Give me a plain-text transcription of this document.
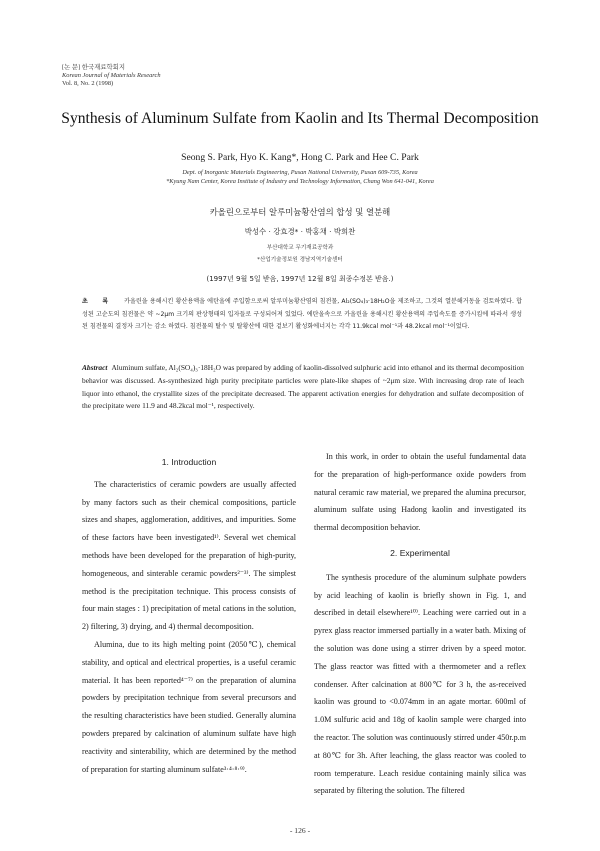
[논 문] 한국재료학회지
Korean Journal of Materials Research
Vol. 8, No. 2 (1998)
Synthesis of Aluminum Sulfate from Kaolin and Its Thermal Decomposition
Seong S. Park, Hyo K. Kang*, Hong C. Park and Hee C. Park
Dept. of Inorganic Materials Engineering, Pusan National University, Pusan 609-735, Korea
*Kyung Nam Center, Korea Institute of Industry and Technology Information, Chang Won 641-041, Korea
카올린으로부터 알루미늄황산염의 합성 및 열분해
박성수 · 강효경* · 박홍채 · 박희찬
부산대학교 무기재료공학과
*산업기술정보원 경남지역기술센터
(1997년 9월 5일 받음, 1997년 12월 8일 최종수정본 받음.)
초 록 카올린을 용해시킨 황산용액을 에탄올에 주입함으로써 알루미늄황산염의 침전물, Al₂(SO₄)₃·18H₂O을 제조하고, 그것의 열분해거동을 검토하였다. 합성된 고순도의 침전물은 약 ~2μm 크기의 판상형태의 입자들로 구성되어져 있었다. 에탄올속으로 카올린을 용해시킨 황산용액의 주입속도를 증가시킴에 따라서 생성된 침전물의 결정자 크기는 감소 하였다. 침전물의 탈수 및 탈황산에 대한 겉보기 활성화에너지는 각각 11.9kcal mol⁻¹과 48.2kcal mol⁻¹이었다.
Abstract Aluminum sulfate, Al₂(SO₄)₃·18H₂O was prepared by adding of kaolin-dissolved sulphuric acid into ethanol and its thermal decomposition behavior was discussed. As-synthesized high purity precipitate particles were plate-like shapes of ~2μm size. With increasing drop rate of leach liquor into ethanol, the crystallite sizes of the precipitate decreased. The apparent activation energies for dehydration and sulfate decomposition of the precipitate were 11.9 and 48.2kcal mol⁻¹, respectively.
1. Introduction

The characteristics of ceramic powders are usually affected by many factors such as their chemical compositions, particle sizes and shapes, agglomeration, additives, and impurities. Some of these factors have been investigated¹⁾. Several wet chemical methods have been developed for the preparation of high-purity, homogeneous, and sinterable ceramic powders²⁻³⁾. The simplest method is the precipitation technique. This process consists of four main stages : 1) precipitation of metal cations in the solution, 2) filtering, 3) drying, and 4) thermal decomposition.

Alumina, due to its high melting point (2050℃), chemical stability, and optical and electrical properties, is a useful ceramic material. It has been reported⁴⁻⁷⁾ on the preparation of alumina powders by precipitation technique from several precursors and the resulting characteristics have been studied. Generally alumina powders prepared by calcination of aluminum sulfate have high reactivity and sinterability, which are determined by the method of preparation for starting aluminum sulfate³·⁴·⁸·⁹⁾.

In this work, in order to obtain the useful fundamental data for the preparation of high-performance oxide powders from natural ceramic raw material, we prepared the alumina precursor, aluminum sulfate using Hadong kaolin and investigated its thermal decomposition behavior.

2. Experimental

The synthesis procedure of the aluminum sulphate powders by acid leaching of kaolin is briefly shown in Fig. 1, and described in detail elsewhere¹⁰⁾. Leaching were carried out in a pyrex glass reactor immersed partially in a water bath. Mixing of the solution was done using a stirrer driven by a speed motor. The glass reactor was fitted with a thermometer and a reflex condenser. After calcination at 800℃ for 3 h, the as-received kaolin was ground to <0.074mm in an agate mortar. 600ml of 1.0M sulfuric acid and 18g of kaolin sample were charged into the reactor. The solution was continuously stirred under 450r.p.m at 80℃ for 3h. After leaching, the glass reactor was cooled to room temperature. Leach residue containing mainly silica was separated by filtering the solution. The filtered

- 126 -
